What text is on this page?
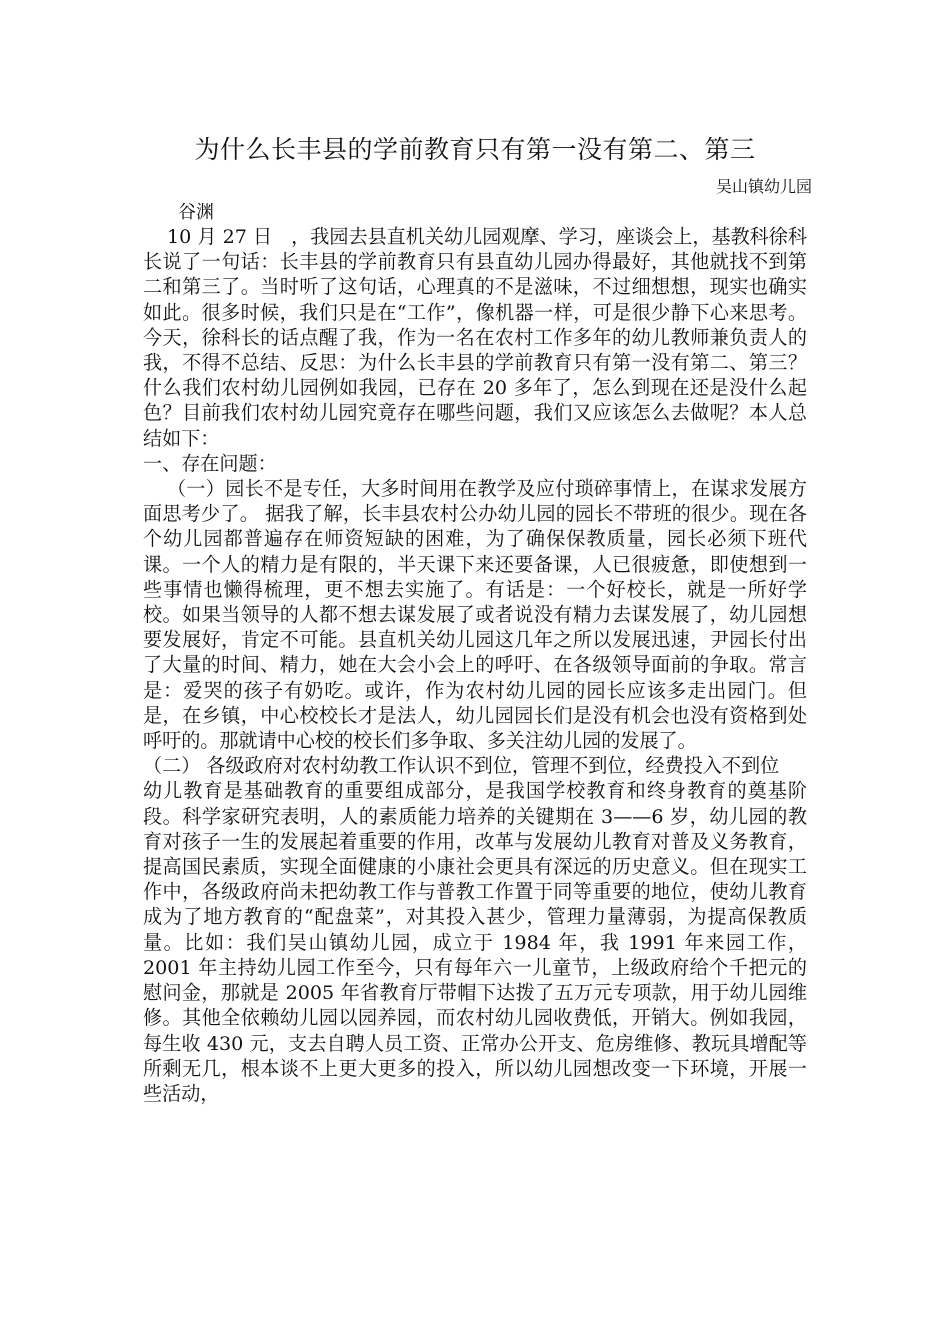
为什么长丰县的学前教育只有第一没有第二、第三
吴山镇幼儿园
谷渊

10 月 27 日　，我园去县直机关幼儿园观摩、学习，座谈会上，基教科徐科长说了一句话：长丰县的学前教育只有县直幼儿园办得最好，其他就找不到第二和第三了。当时听了这句话，心理真的不是滋味，不过细想想，现实也确实如此。很多时候，我们只是在“工作”，像机器一样，可是很少静下心来思考。今天，徐科长的话点醒了我，作为一名在农村工作多年的幼儿教师兼负责人的我，不得不总结、反思：为什么长丰县的学前教育只有第一没有第二、第三？什么我们农村幼儿园例如我园，已存在 20 多年了，怎么到现在还是没什么起色？目前我们农村幼儿园究竟存在哪些问题，我们又应该怎么去做呢？本人总结如下：

一、存在问题：

（一）园长不是专任，大多时间用在教学及应付琐碎事情上，在谋求发展方面思考少了。 据我了解，长丰县农村公办幼儿园的园长不带班的很少。现在各个幼儿园都普遍存在师资短缺的困难，为了确保保教质量，园长必须下班代课。一个人的精力是有限的，半天课下来还要备课，人已很疲惫，即使想到一些事情也懒得梳理，更不想去实施了。有话是：一个好校长，就是一所好学校。如果当领导的人都不想去谋发展了或者说没有精力去谋发展了，幼儿园想要发展好，肯定不可能。县直机关幼儿园这几年之所以发展迅速，尹园长付出了大量的时间、精力，她在大会小会上的呼吁、在各级领导面前的争取。常言是：爱哭的孩子有奶吃。或许，作为农村幼儿园的园长应该多走出园门。但是，在乡镇，中心校校长才是法人，幼儿园园长们是没有机会也没有资格到处呼吁的。那就请中心校的校长们多争取、多关注幼儿园的发展了。

（二） 各级政府对农村幼教工作认识不到位，管理不到位，经费投入不到位

幼儿教育是基础教育的重要组成部分，是我国学校教育和终身教育的奠基阶段。科学家研究表明，人的素质能力培养的关键期在 3——6 岁，幼儿园的教育对孩子一生的发展起着重要的作用，改革与发展幼儿教育对普及义务教育，提高国民素质，实现全面健康的小康社会更具有深远的历史意义。但在现实工作中，各级政府尚未把幼教工作与普教工作置于同等重要的地位，使幼儿教育成为了地方教育的“配盘菜”，对其投入甚少，管理力量薄弱，为提高保教质量。比如：我们吴山镇幼儿园，成立于 1984 年，我 1991 年来园工作，2001 年主持幼儿园工作至今，只有每年六一儿童节，上级政府给个千把元的慰问金，那就是 2005 年省教育厅带帽下达拨了五万元专项款，用于幼儿园维修。其他全依赖幼儿园以园养园，而农村幼儿园收费低，开销大。例如我园，每生收 430 元，支去自聘人员工资、正常办公开支、危房维修、教玩具增配等所剩无几，根本谈不上更大更多的投入，所以幼儿园想改变一下环境，开展一些活动，
